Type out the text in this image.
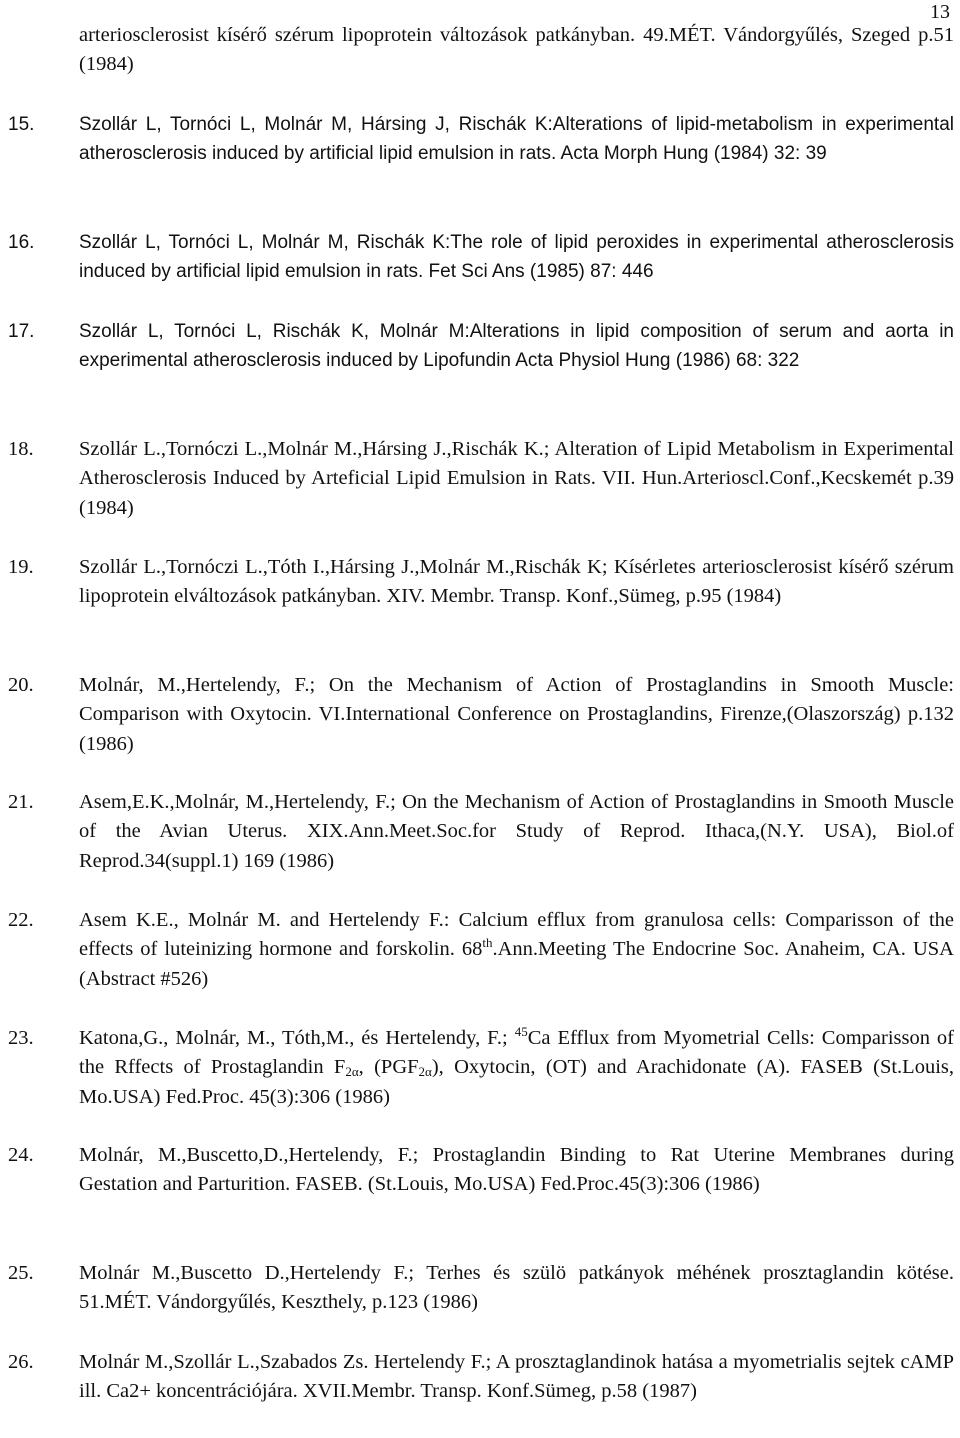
13
arteriosclerosist kísérő szérum lipoprotein változások patkányban. 49.MÉT. Vándorgyűlés, Szeged p.51 (1984)
15.	Szollár L, Tornóci L, Molnár M, Hársing J, Rischák K:Alterations of lipid-metabolism in experimental atherosclerosis induced by artificial lipid emulsion in rats. Acta Morph Hung (1984) 32: 39
16.	Szollár L, Tornóci L, Molnár M, Rischák K:The role of lipid peroxides in experimental atherosclerosis induced by artificial lipid emulsion in rats. Fet Sci Ans (1985) 87: 446
17.	Szollár L, Tornóci L, Rischák K, Molnár M:Alterations in lipid composition of serum and aorta in experimental atherosclerosis induced by Lipofundin Acta Physiol Hung (1986) 68: 322
18.	Szollár L.,Tornóczi L.,Molnár M.,Hársing J.,Rischák K.; Alteration of Lipid Metabolism in Experimental Atherosclerosis Induced by Arteficial Lipid Emulsion in Rats. VII. Hun.Arterioscl.Conf.,Kecskemét p.39 (1984)
19.	Szollár L.,Tornóczi L.,Tóth I.,Hársing J.,Molnár M.,Rischák K; Kísérletes arteriosclerosist kísérő szérum lipoprotein elváltozások patkányban. XIV. Membr. Transp. Konf.,Sümeg, p.95 (1984)
20.	Molnár, M.,Hertelendy, F.; On the Mechanism of Action of Prostaglandins in Smooth Muscle: Comparison with Oxytocin. VI.International Conference on Prostaglandins, Firenze,(Olaszország) p.132 (1986)
21.	Asem,E.K.,Molnár, M.,Hertelendy, F.; On the Mechanism of Action of Prostaglandins in Smooth Muscle of the Avian Uterus. XIX.Ann.Meet.Soc.for Study of Reprod. Ithaca,(N.Y. USA), Biol.of Reprod.34(suppl.1) 169 (1986)
22.	Asem K.E., Molnár M. and Hertelendy F.: Calcium efflux from granulosa cells: Comparisson of the effects of luteinizing hormone and forskolin. 68th.Ann.Meeting The Endocrine Soc. Anaheim, CA. USA (Abstract #526)
23.	Katona,G., Molnár, M., Tóth,M., és Hertelendy, F.; $^{45}$Ca Efflux from Myometrial Cells: Comparisson of the Rffects of Prostaglandin $F_{2\alpha}$, $(PGF_{2\alpha})$, Oxytocin, (OT) and Arachidonate (A). FASEB (St.Louis, Mo.USA) Fed.Proc. 45(3):306 (1986)
24.	Molnár, M.,Buscetto,D.,Hertelendy, F.; Prostaglandin Binding to Rat Uterine Membranes during Gestation and Parturition. FASEB. (St.Louis, Mo.USA) Fed.Proc.45(3):306 (1986)
25.	Molnár M.,Buscetto D.,Hertelendy F.; Terhes és szülö patkányok méhének prosztaglandin kötése. 51.MÉT. Vándorgyűlés, Keszthely, p.123 (1986)
26.	Molnár M.,Szollár L.,Szabados Zs. Hertelendy F.; A prosztaglandinok hatása a myometrialis sejtek cAMP ill. Ca2+ koncentrációjára. XVII.Membr. Transp. Konf.Sümeg, p.58 (1987)
